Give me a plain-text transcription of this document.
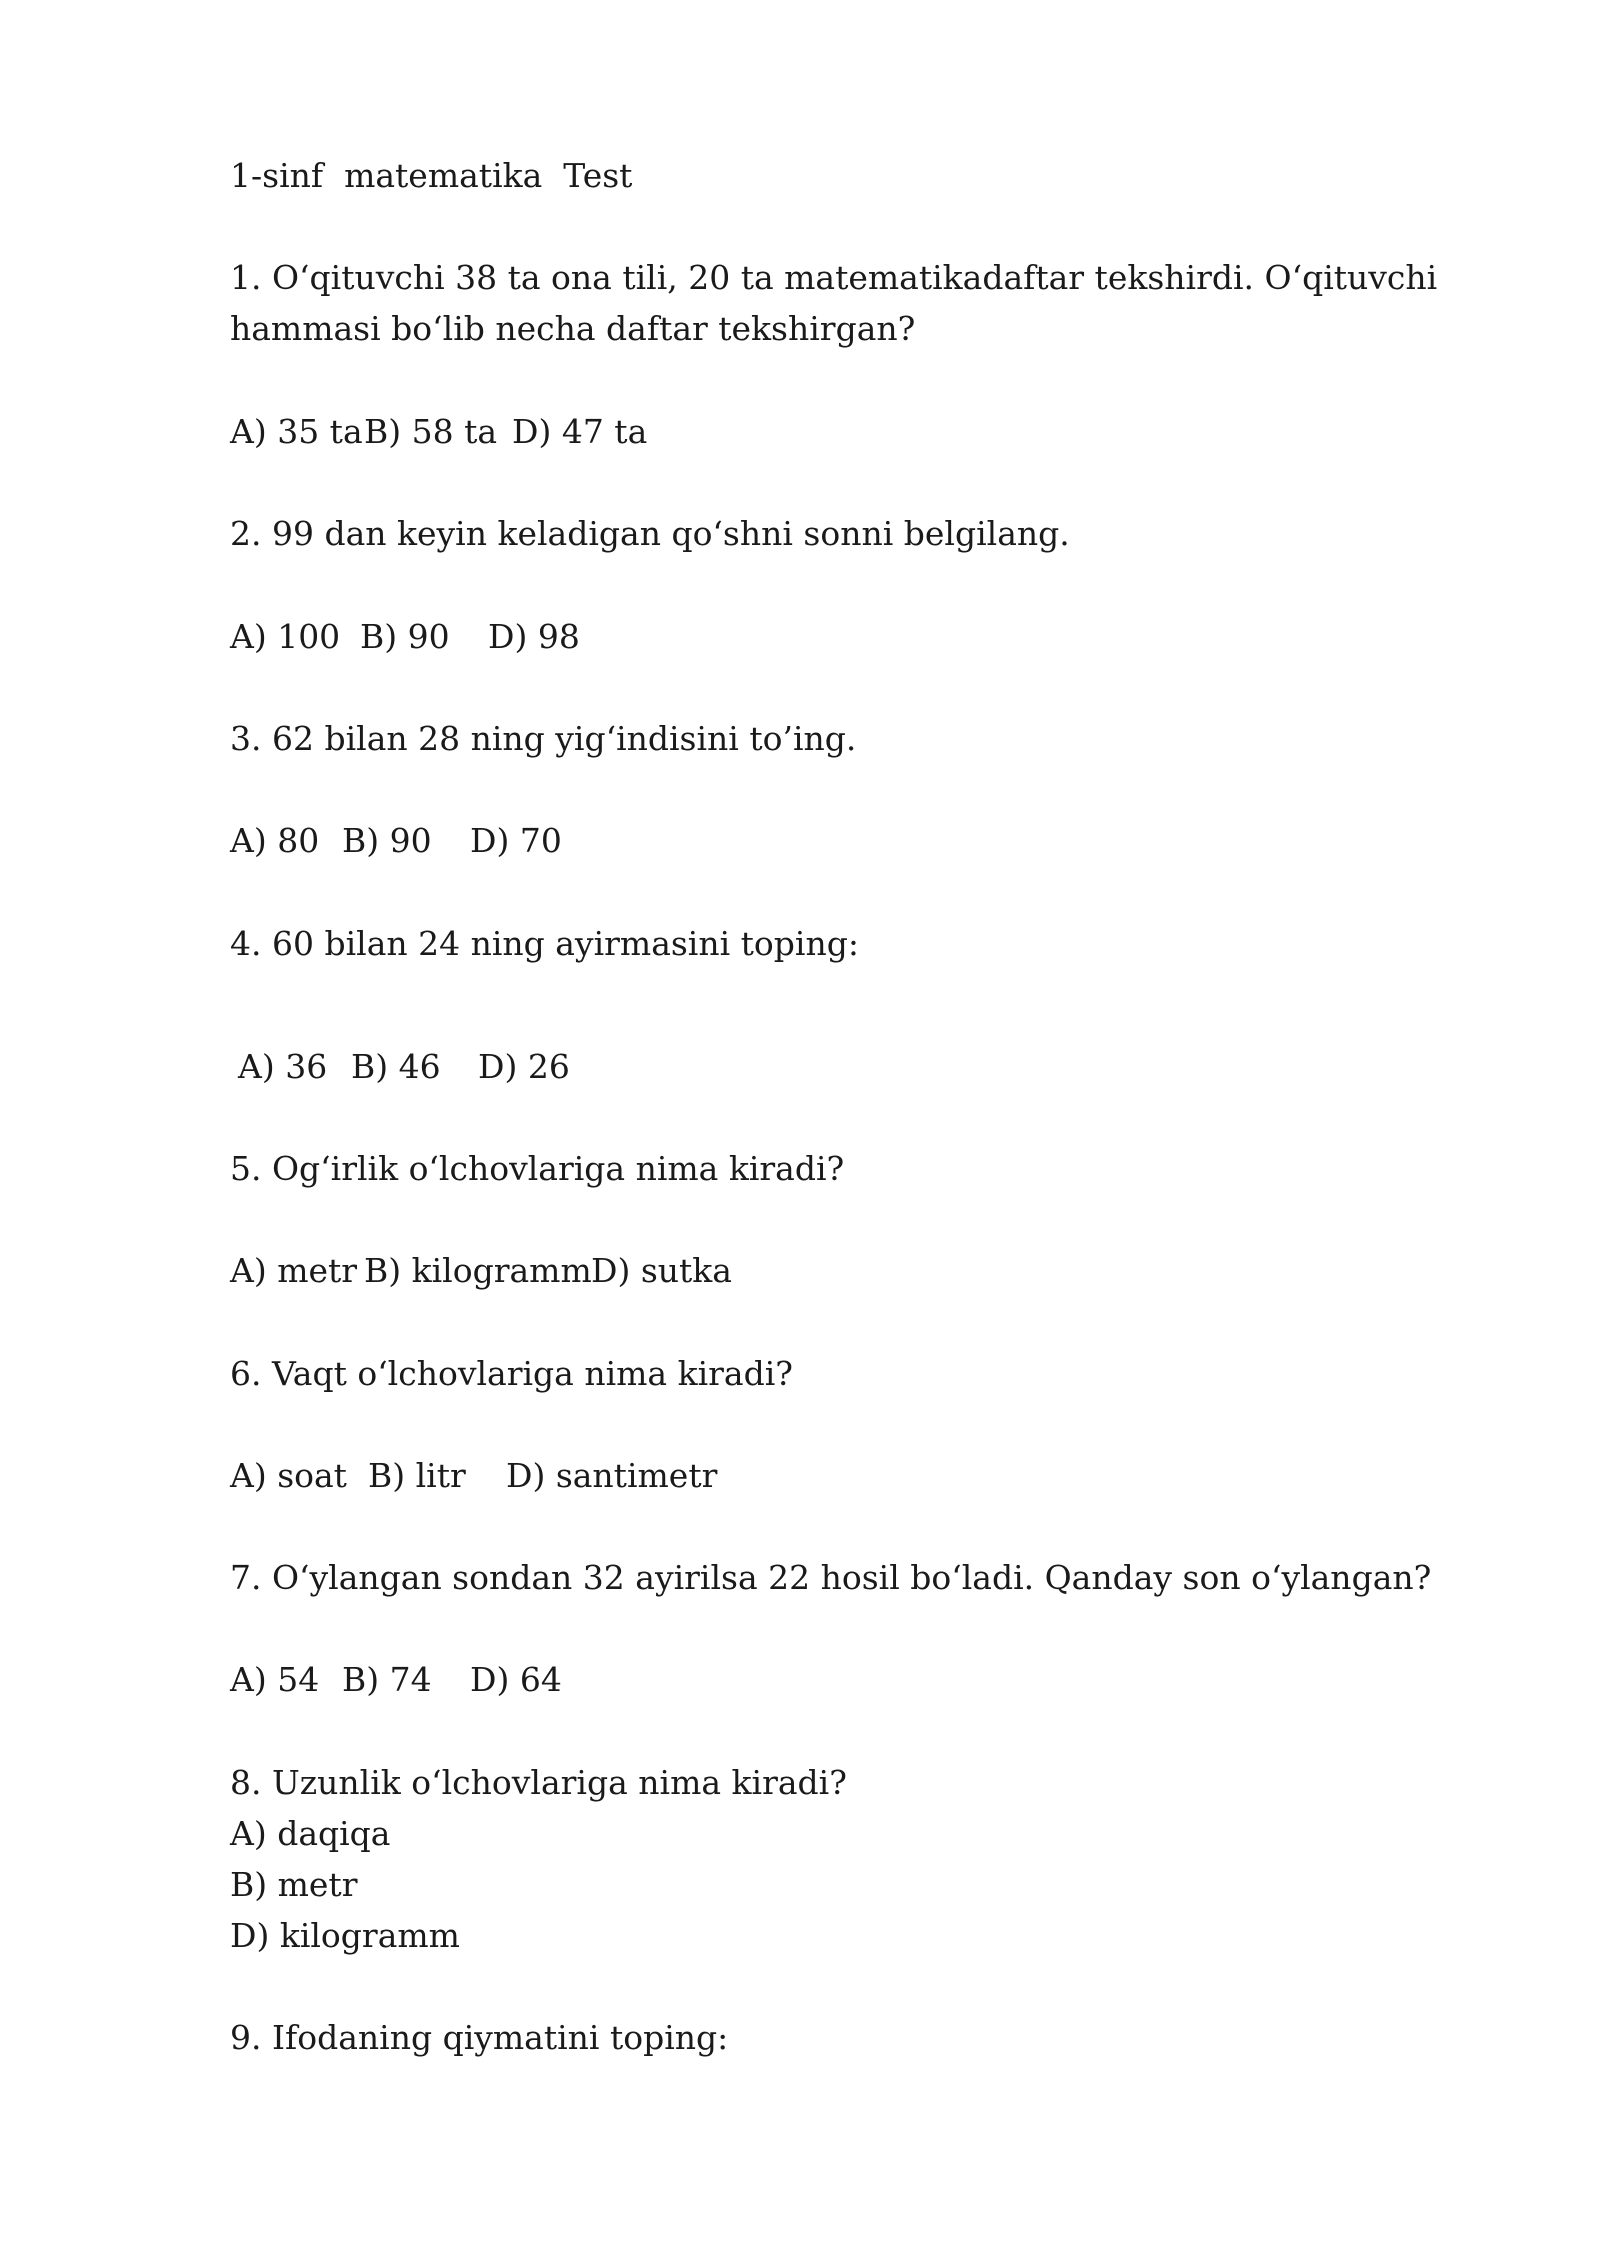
1-sinf  matematika  Test
1. O‘qituvchi 38 ta ona tili, 20 ta matematikadaftar tekshirdi. O‘qituvchi hammasi bo‘lib necha daftar tekshirgan?
A) 35 ta B) 58 ta D) 47 ta
2. 99 dan keyin keladigan qo‘shni sonni belgilang.
A) 100 B) 90 D) 98
3. 62 bilan 28 ning yig‘indisini to’ing.
A) 80 B) 90 D) 70
4. 60 bilan 24 ning ayirmasini toping:
A) 36 B) 46 D) 26
5. Og‘irlik o‘lchovlariga nima kiradi?
A) metr B) kilogramm D) sutka
6. Vaqt o‘lchovlariga nima kiradi?
A) soat B) litr D) santimetr
7. O‘ylangan sondan 32 ayirilsa 22 hosil bo‘ladi. Qanday son o‘ylangan?
A) 54 B) 74 D) 64
8. Uzunlik o‘lchovlariga nima kiradi?
A) daqiqa
B) metr
D) kilogramm
9. Ifodaning qiymatini toping:
